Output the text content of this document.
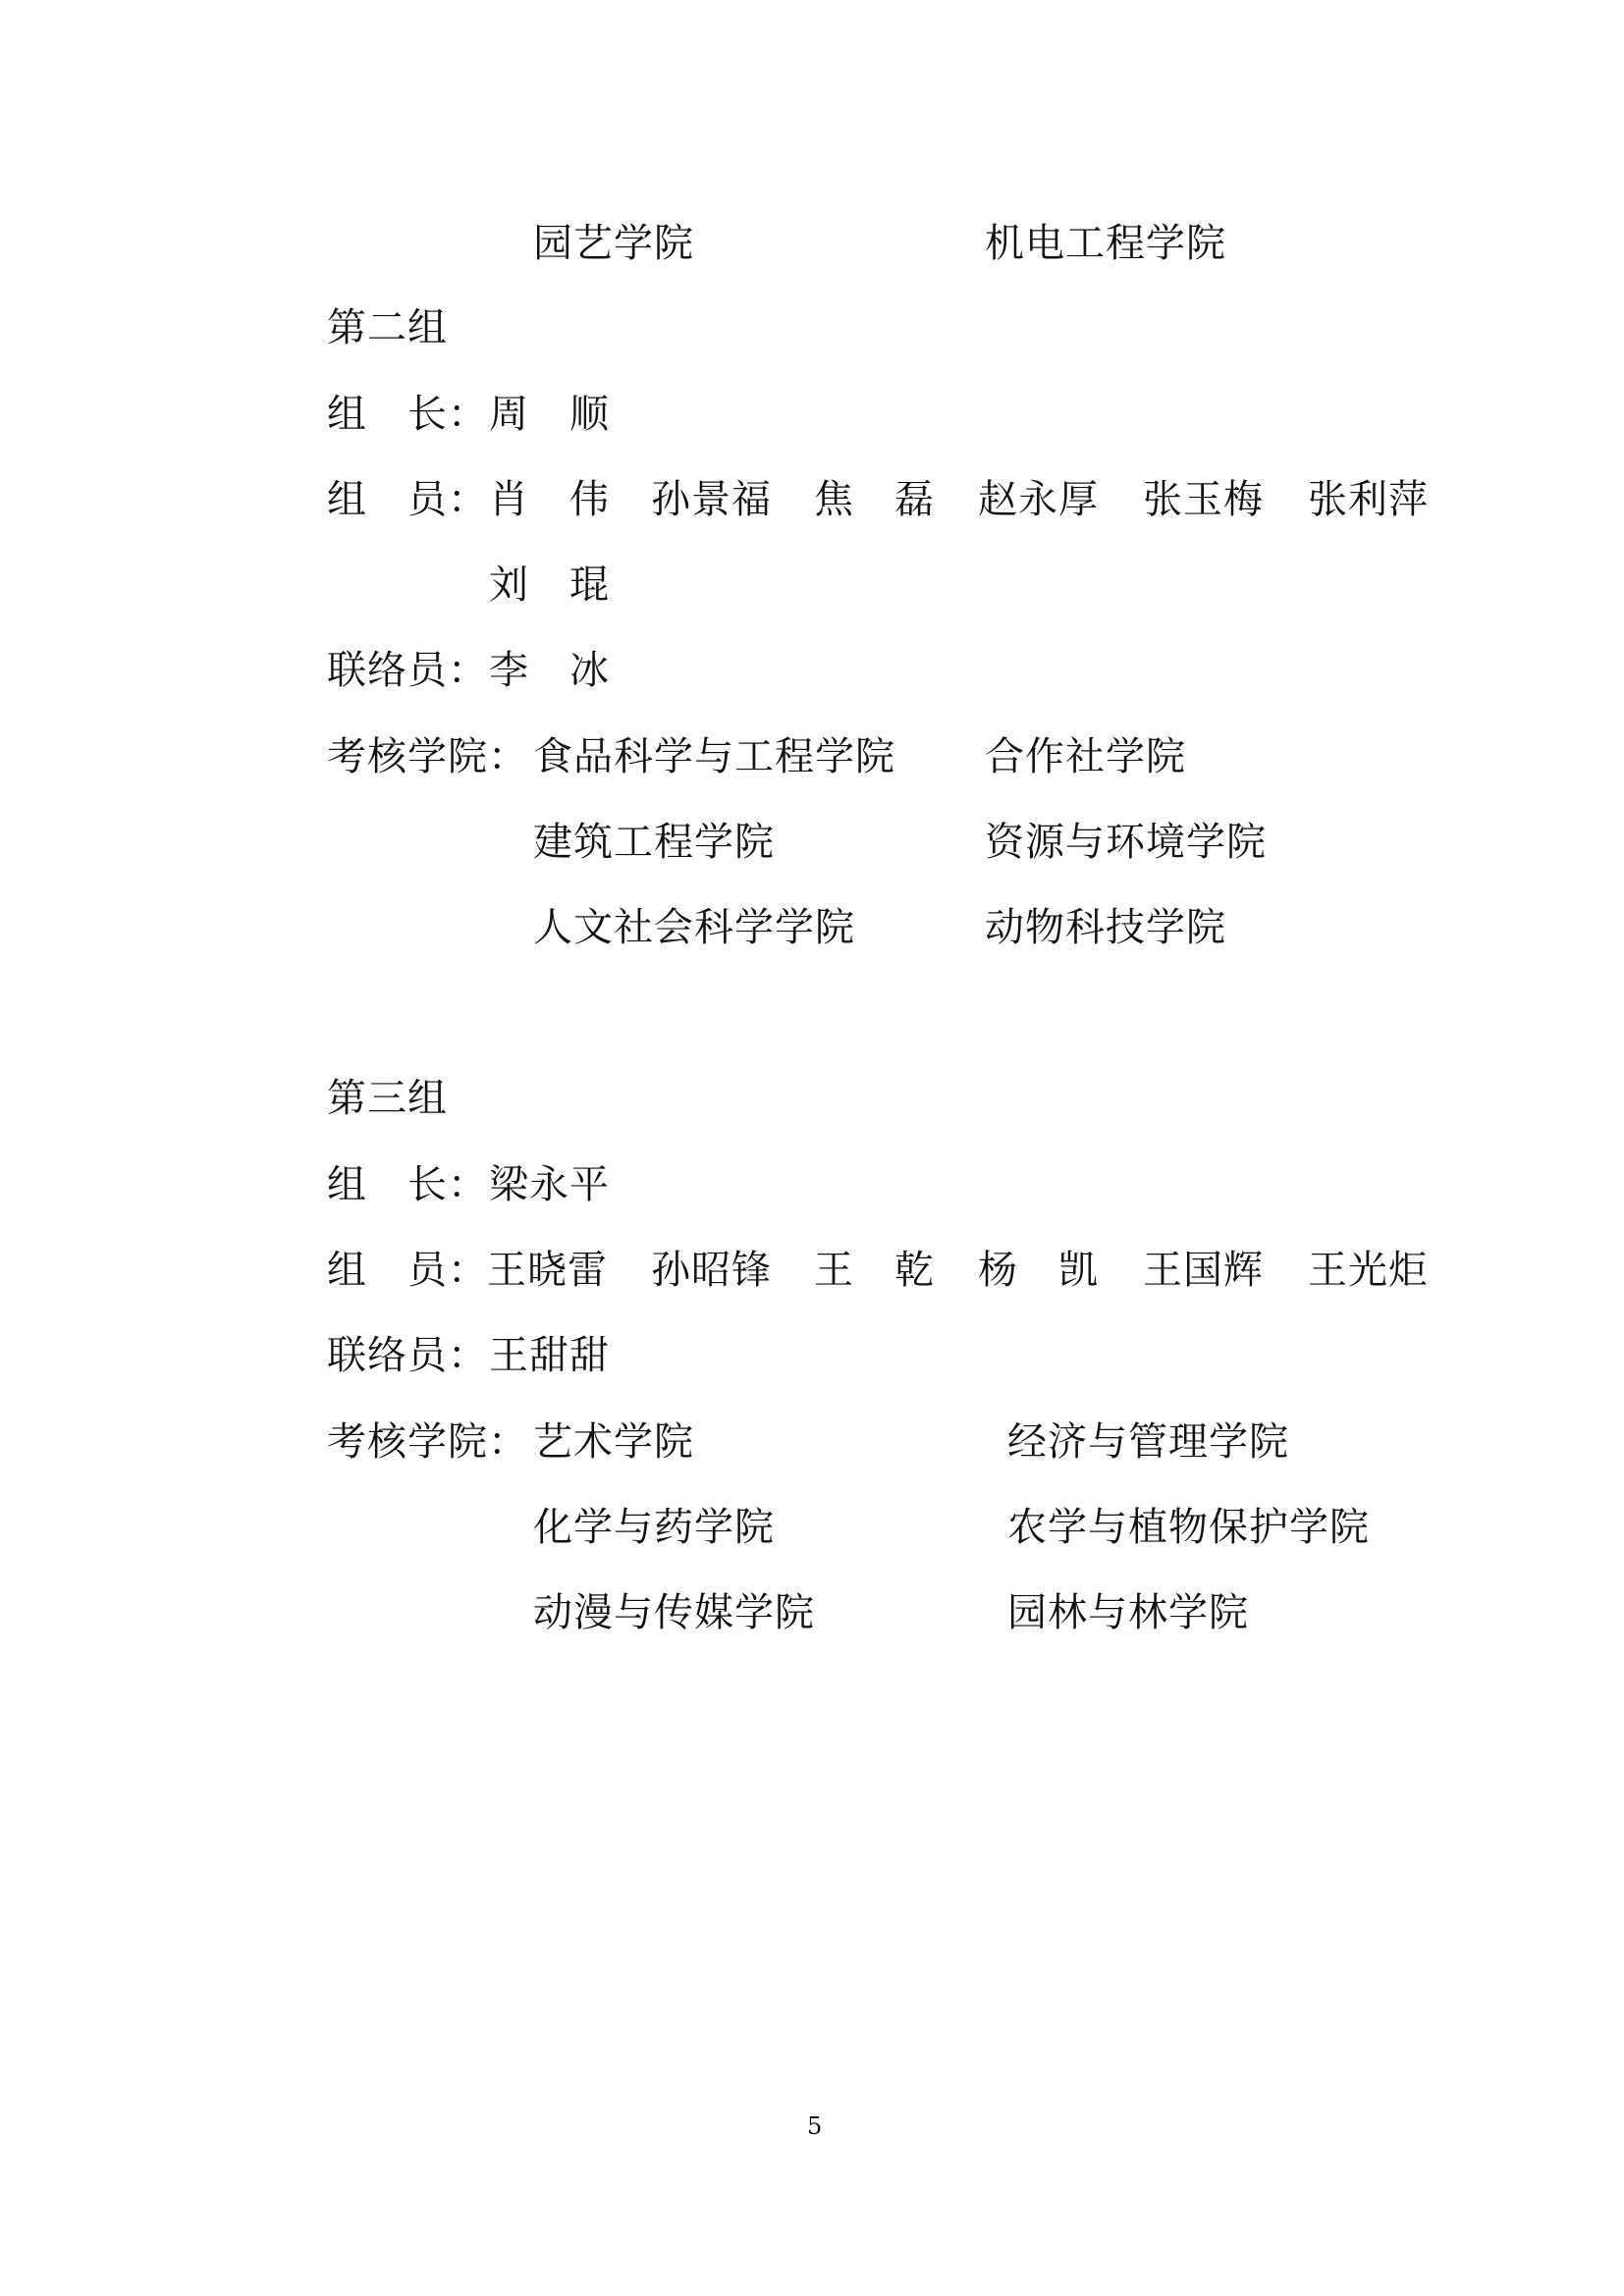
园艺学院	机电工程学院
第二组
组　长： 周　顺
组　员： 肖　伟 孙景福 焦　磊 赵永厚 张玉梅 张利萍
刘　琨
联络员： 李　冰
考核学院： 食品科学与工程学院 合作社学院
建筑工程学院	资源与环境学院
人文社会科学学院	动物科技学院
第三组
组　长： 梁永平
组　员： 王晓雷 孙昭锋 王　乾 杨　凯 王国辉 王光炬
联络员： 王甜甜
考核学院： 艺术学院	经济与管理学院
化学与药学院	农学与植物保护学院
动漫与传媒学院	园林与林学院
5
